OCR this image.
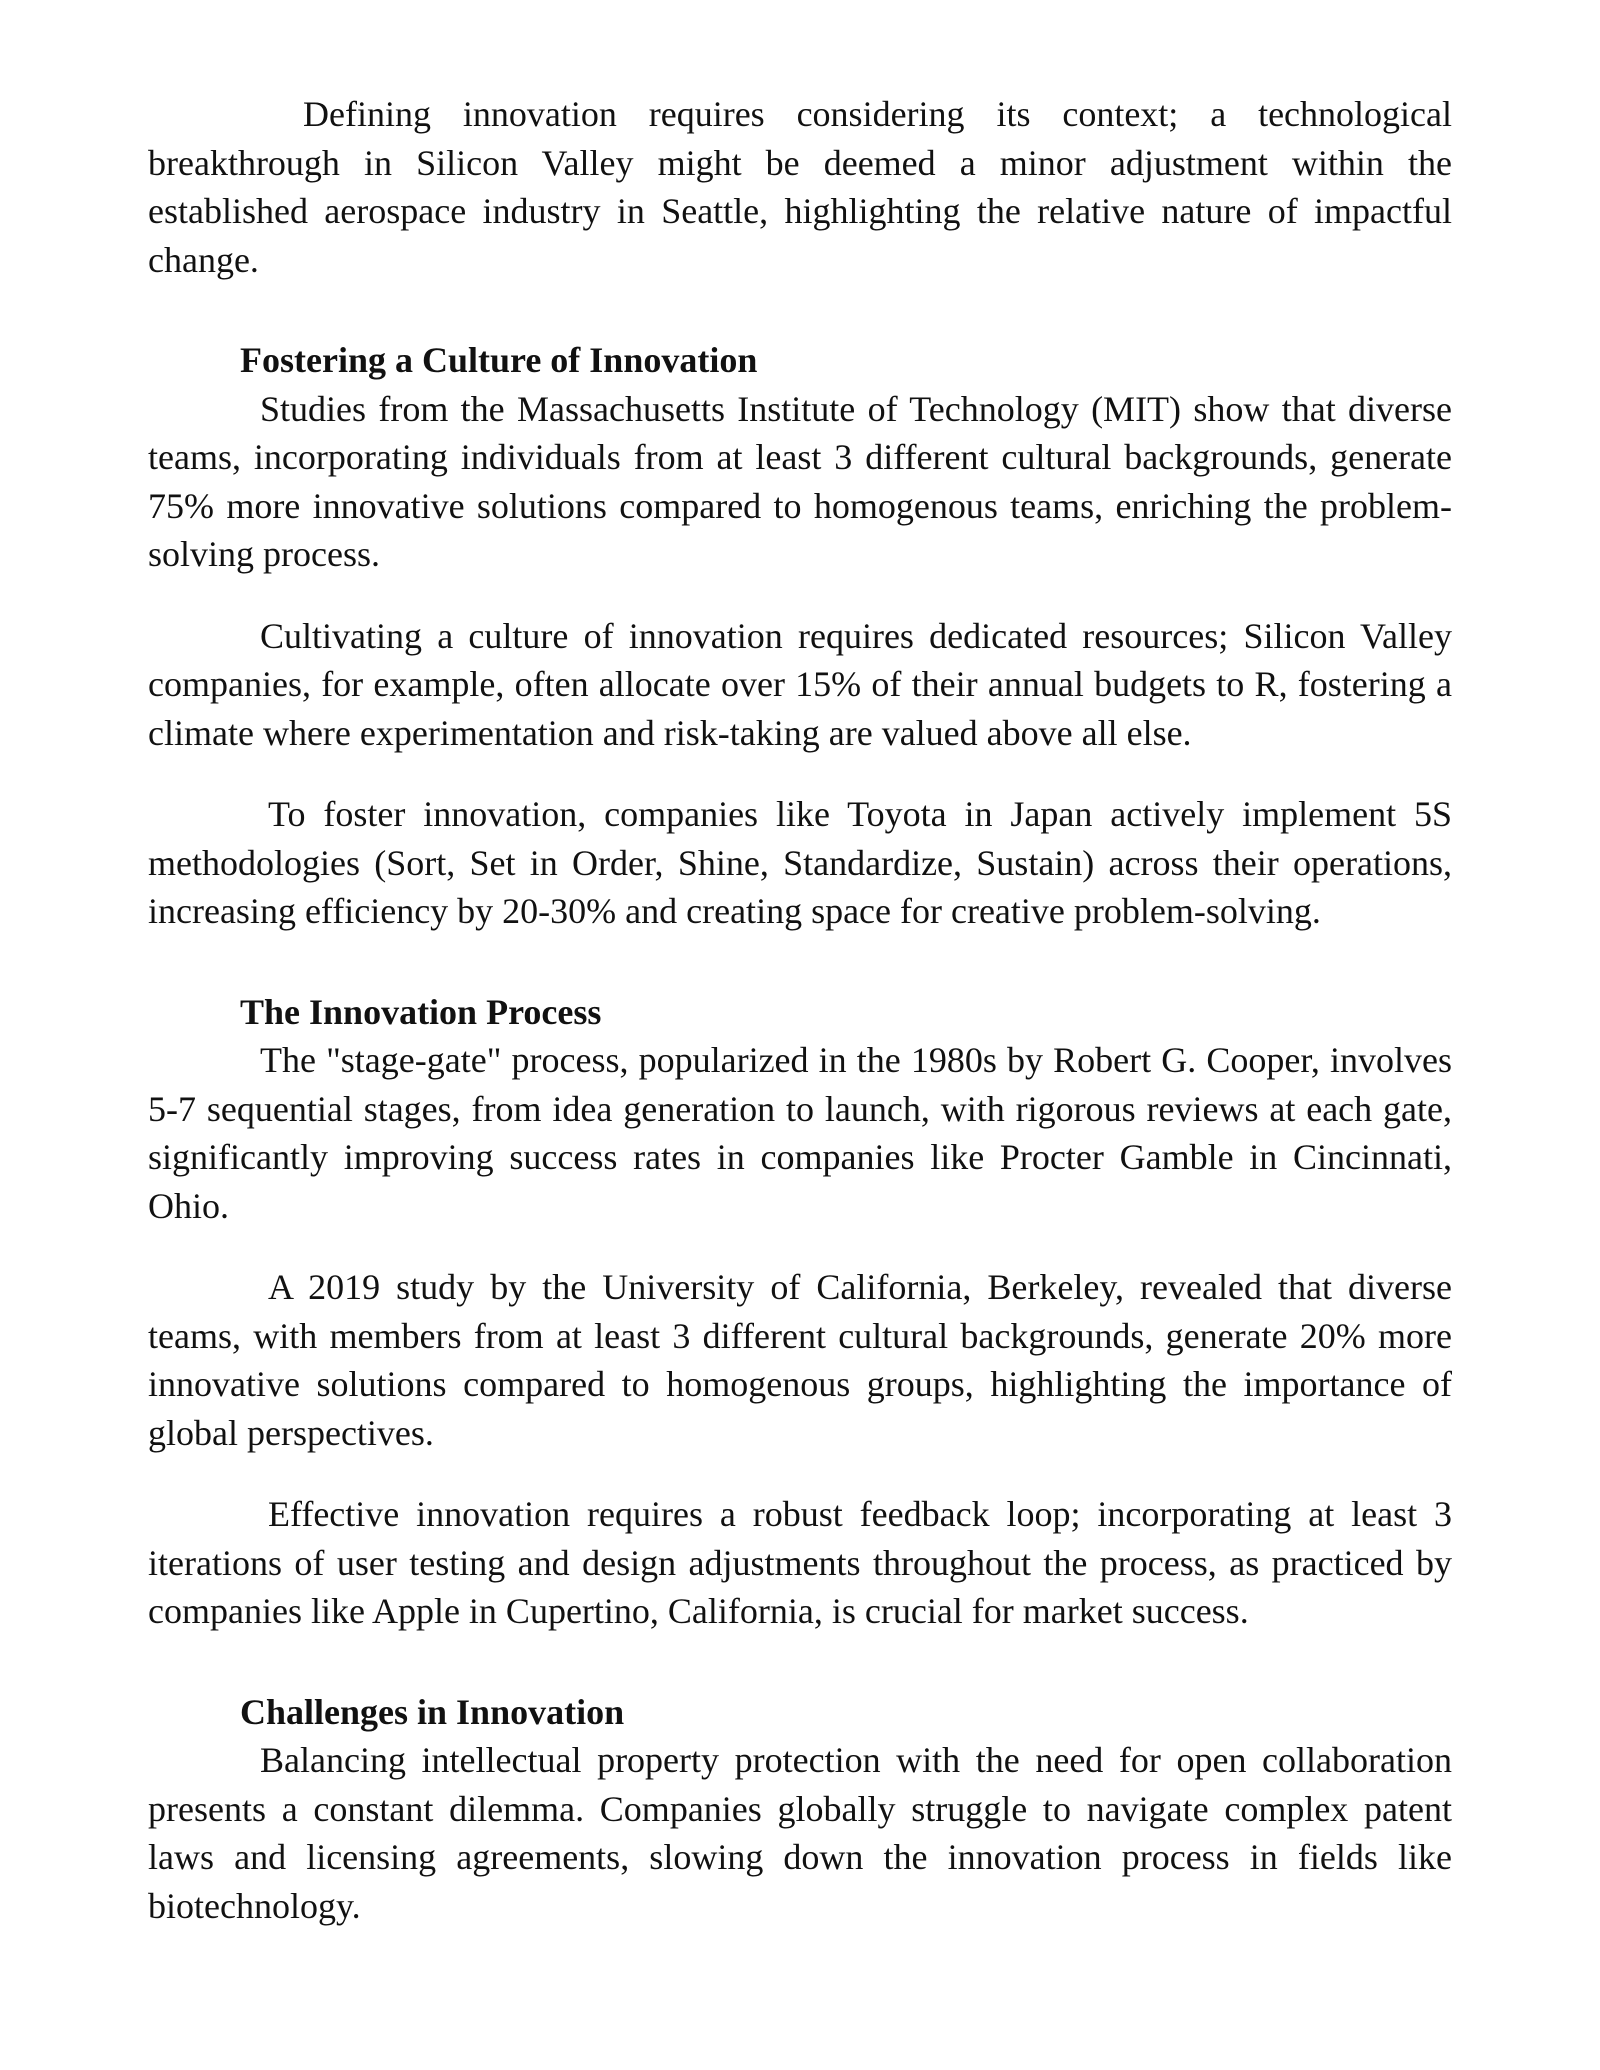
Defining innovation requires considering its context; a technological breakthrough in Silicon Valley might be deemed a minor adjustment within the established aerospace industry in Seattle, highlighting the relative nature of impactful change.

Fostering a Culture of Innovation

Studies from the Massachusetts Institute of Technology (MIT) show that diverse teams, incorporating individuals from at least 3 different cultural backgrounds, generate 75% more innovative solutions compared to homogenous teams, enriching the problem-solving process.

Cultivating a culture of innovation requires dedicated resources; Silicon Valley companies, for example, often allocate over 15% of their annual budgets to R, fostering a climate where experimentation and risk-taking are valued above all else.

To foster innovation, companies like Toyota in Japan actively implement 5S methodologies (Sort, Set in Order, Shine, Standardize, Sustain) across their operations, increasing efficiency by 20-30% and creating space for creative problem-solving.

The Innovation Process

The "stage-gate" process, popularized in the 1980s by Robert G. Cooper, involves 5-7 sequential stages, from idea generation to launch, with rigorous reviews at each gate, significantly improving success rates in companies like Procter Gamble in Cincinnati, Ohio.

A 2019 study by the University of California, Berkeley, revealed that diverse teams, with members from at least 3 different cultural backgrounds, generate 20% more innovative solutions compared to homogenous groups, highlighting the importance of global perspectives.

Effective innovation requires a robust feedback loop; incorporating at least 3 iterations of user testing and design adjustments throughout the process, as practiced by companies like Apple in Cupertino, California, is crucial for market success.

Challenges in Innovation

Balancing intellectual property protection with the need for open collaboration presents a constant dilemma. Companies globally struggle to navigate complex patent laws and licensing agreements, slowing down the innovation process in fields like biotechnology.
